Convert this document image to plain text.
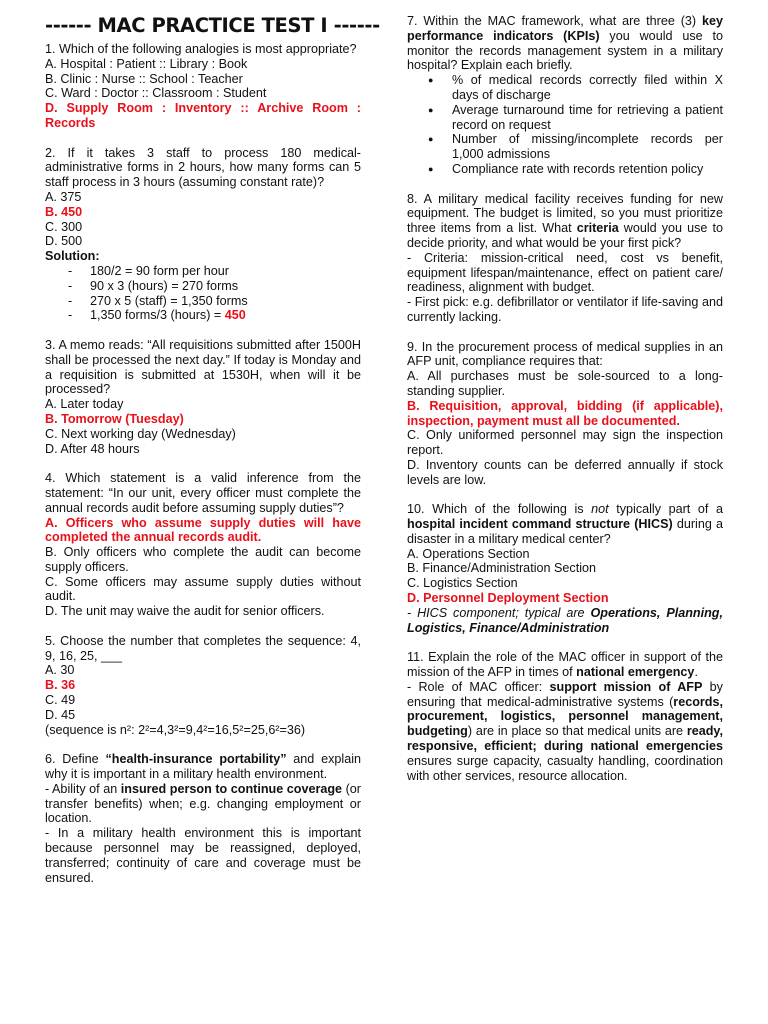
------ MAC PRACTICE TEST I ------

1. Which of the following analogies is most appropriate?

A. Hospital : Patient :: Library : Book

B. Clinic : Nurse :: School : Teacher

C. Ward : Doctor :: Classroom : Student

D. Supply Room : Inventory :: Archive Room : Records

2. If it takes 3 staff to process 180 medical-administrative forms in 2 hours, how many forms can 5 staff process in 3 hours (assuming constant rate)?

A. 375

B. 450

C. 300

D. 500

Solution:

- 180/2 = 90 form per hour
- 90 x 3 (hours) = 270 forms
- 270 x 5 (staff) = 1,350 forms
- 1,350 forms/3 (hours) = 450

3. A memo reads: “All requisitions submitted after 1500H shall be processed the next day.” If today is Monday and a requisition is submitted at 1530H, when will it be processed?

A. Later today

B. Tomorrow (Tuesday)

C. Next working day (Wednesday)

D. After 48 hours

4. Which statement is a valid inference from the statement: “In our unit, every officer must complete the annual records audit before assuming supply duties”?

A. Officers who assume supply duties will have completed the annual records audit.

B. Only officers who complete the audit can become supply officers.

C. Some officers may assume supply duties without audit.

D. The unit may waive the audit for senior officers.

5. Choose the number that completes the sequence: 4, 9, 16, 25, ___

A. 30

B. 36

C. 49

D. 45

(sequence is n²: 2²=4,3²=9,4²=16,5²=25,6²=36)

6. Define “health-insurance portability” and explain why it is important in a military health environment.

- Ability of an insured person to continue coverage (or transfer benefits) when; e.g. changing employment or location.

- In a military health environment this is important because personnel may be reassigned, deployed, transferred; continuity of care and coverage must be ensured.

7. Within the MAC framework, what are three (3) key performance indicators (KPIs) you would use to monitor the records management system in a military hospital? Explain each briefly.

● % of medical records correctly filed within X days of discharge
● Average turnaround time for retrieving a patient record on request
● Number of missing/incomplete records per 1,000 admissions
● Compliance rate with records retention policy

8. A military medical facility receives funding for new equipment. The budget is limited, so you must prioritize three items from a list. What criteria would you use to decide priority, and what would be your first pick?

- Criteria: mission-critical need, cost vs benefit, equipment lifespan/maintenance, effect on patient care/ readiness, alignment with budget.

- First pick: e.g. defibrillator or ventilator if life-saving and currently lacking.

9. In the procurement process of medical supplies in an AFP unit, compliance requires that:

A. All purchases must be sole-sourced to a long-standing supplier.

B. Requisition, approval, bidding (if applicable), inspection, payment must all be documented.

C. Only uniformed personnel may sign the inspection report.

D. Inventory counts can be deferred annually if stock levels are low.

10. Which of the following is not typically part of a hospital incident command structure (HICS) during a disaster in a military medical center?

A. Operations Section

B. Finance/Administration Section

C. Logistics Section

D. Personnel Deployment Section

- HICS component; typical are Operations, Planning, Logistics, Finance/Administration

11. Explain the role of the MAC officer in support of the mission of the AFP in times of national emergency.

- Role of MAC officer: support mission of AFP by ensuring that medical-administrative systems (records, procurement, logistics, personnel management, budgeting) are in place so that medical units are ready, responsive, efficient; during national emergencies ensures surge capacity, casualty handling, coordination with other services, resource allocation.
